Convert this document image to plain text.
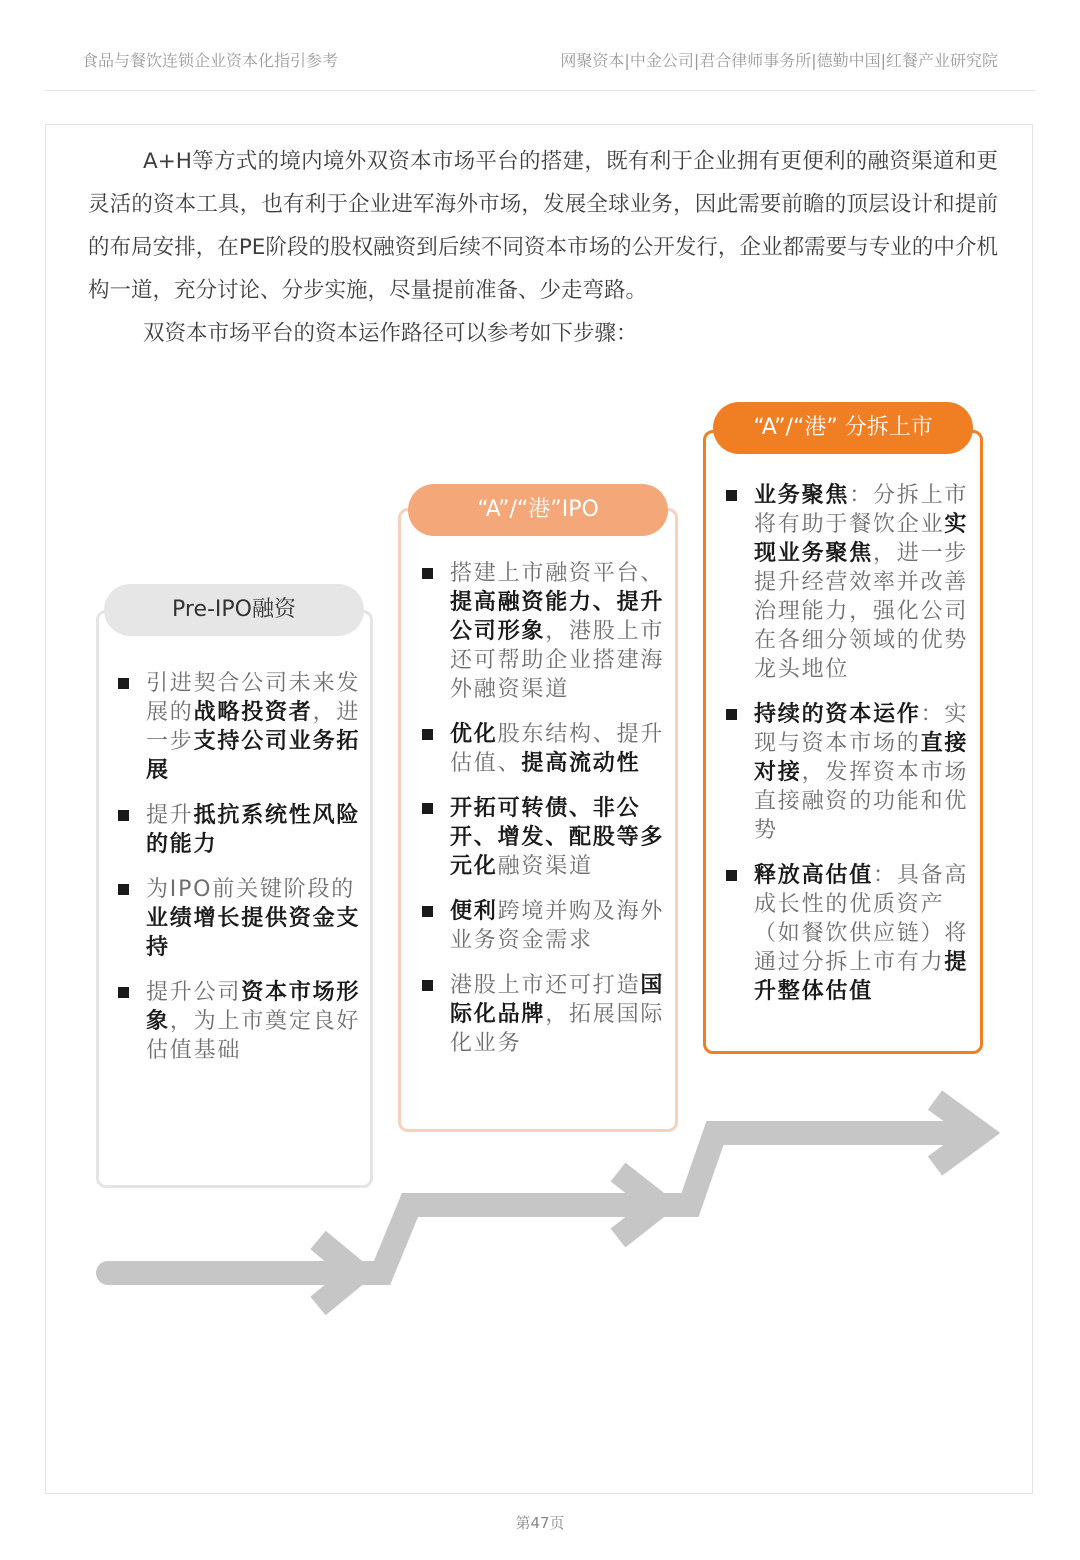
食品与餐饮连锁企业资本化指引参考	网聚资本|中金公司|君合律师事务所|德勤中国|红餐产业研究院

A+H等方式的境内境外双资本市场平台的搭建，既有利于企业拥有更便利的融资渠道和更灵活的资本工具，也有利于企业进军海外市场，发展全球业务，因此需要前瞻的顶层设计和提前的布局安排，在PE阶段的股权融资到后续不同资本市场的公开发行，企业都需要与专业的中介机构一道，充分讨论、分步实施，尽量提前准备、少走弯路。

双资本市场平台的资本运作路径可以参考如下步骤：

Pre-IPO融资
“A”/“港”IPO
“A”/“港” 分拆上市
引进契合公司未来发展的战略投资者，进一步支持公司业务拓展
提升抵抗系统性风险的能力
为IPO前关键阶段的业绩增长提供资金支持
提升公司资本市场形象，为上市奠定良好估值基础
搭建上市融资平台、提高融资能力、提升公司形象，港股上市还可帮助企业搭建海外融资渠道
优化股东结构、提升估值、提高流动性
开拓可转债、非公开、增发、配股等多元化融资渠道
便利跨境并购及海外业务资金需求
港股上市还可打造国际化品牌，拓展国际化业务
业务聚焦：分拆上市将有助于餐饮企业实现业务聚焦，进一步提升经营效率并改善治理能力，强化公司在各细分领域的优势龙头地位
持续的资本运作：实现与资本市场的直接对接，发挥资本市场直接融资的功能和优势
释放高估值：具备高成长性的优质资产（如餐饮供应链）将通过分拆上市有力提升整体估值
第47页
